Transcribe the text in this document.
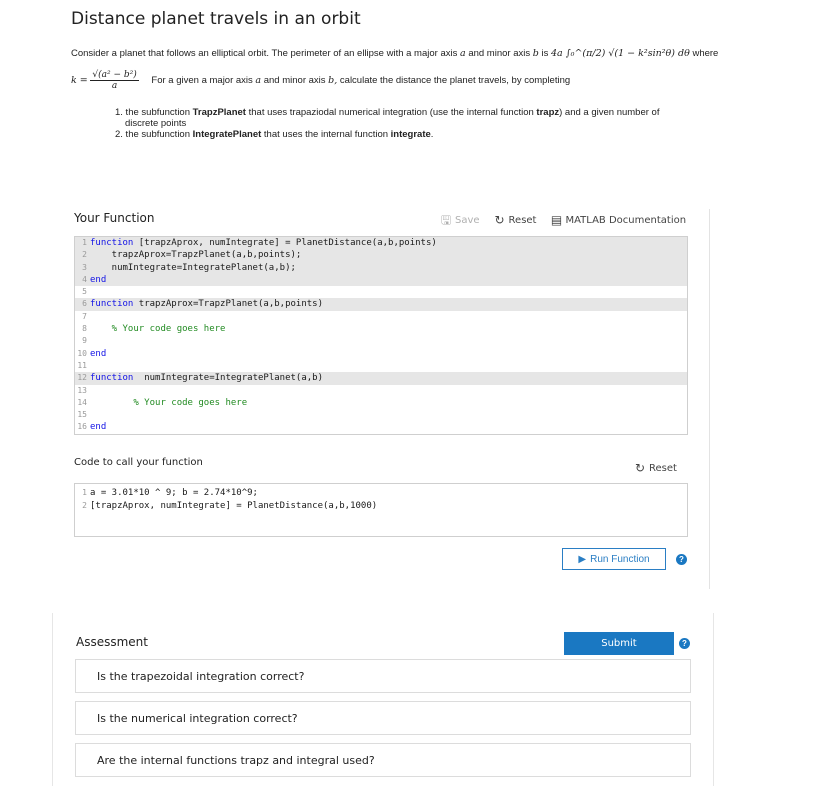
Distance planet travels in an orbit
Consider a planet that follows an elliptical orbit. The perimeter of an ellipse with a major axis a and minor axis b is 4a ∫₀^(π/2) √(1 − k²sin²θ) dθ where
$k = \frac{\text{√(a² − b²)}}{a}$ For a given a major axis a and minor axis b, calculate the distance the planet travels, by completing
1. the subfunction TrapzPlanet that uses trapaziodal numerical integration (use the internal function trapz) and a given number of
discrete points
2. the subfunction IntegratePlanet that uses the internal function integrate.
Your Function	🖫 Save ↻ Reset ▤ MATLAB Documentation
1 function [trapzAprox, numIntegrate] = PlanetDistance(a,b,points)
2    trapzAprox=TrapzPlanet(a,b,points);
3    numIntegrate=IntegratePlanet(a,b);
4 end
5
6 function trapzAprox=TrapzPlanet(a,b,points)
7
8    % Your code goes here
9
10 end
11
12 function  numIntegrate=IntegratePlanet(a,b)
13
14        % Your code goes here
15
16 end
Code to call your function	↻ Reset
1 a = 3.01*10 ^ 9; b = 2.74*10^9;
2 [trapzAprox, numIntegrate] = PlanetDistance(a,b,1000)
▶ Run Function	?
Assessment	Submit	?
Is the trapezoidal integration correct?
Is the numerical integration correct?
Are the internal functions trapz and integral used?
